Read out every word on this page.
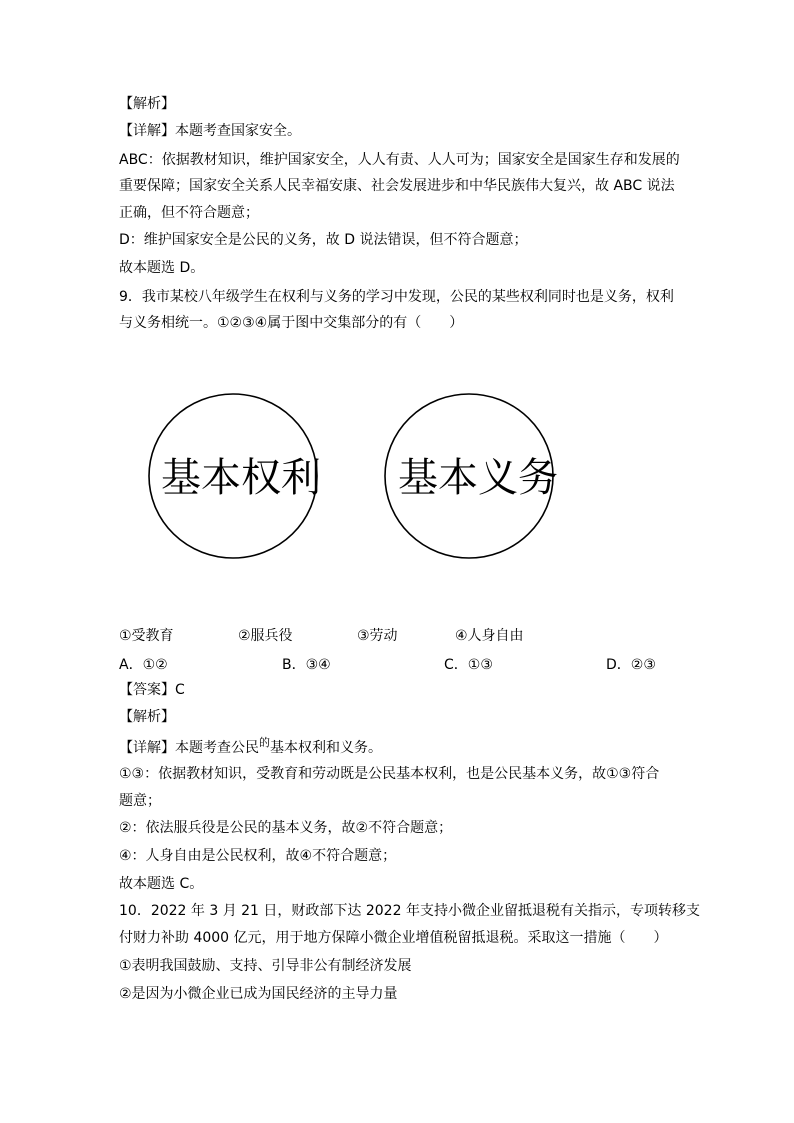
【解析】
【详解】本题考查国家安全。
ABC：依据教材知识，维护国家安全，人人有责、人人可为；国家安全是国家生存和发展的
重要保障；国家安全关系人民幸福安康、社会发展进步和中华民族伟大复兴，故 ABC 说法
正确，但不符合题意；
D：维护国家安全是公民的义务，故 D 说法错误，但不符合题意；
故本题选 D。
9．我市某校八年级学生在权利与义务的学习中发现，公民的某些权利同时也是义务，权利
与义务相统一。①②③④属于图中交集部分的有（　　）
基本权利 基本义务
①受教育	②服兵役	③劳动	④人身自由
A．①②	B．③④	C．①③	D．②③
【答案】C
【解析】
【详解】本题考查公民$^的$基本权利和义务。
①③：依据教材知识，受教育和劳动既是公民基本权利，也是公民基本义务，故①③符合
题意；
②：依法服兵役是公民的基本义务，故②不符合题意；
④：人身自由是公民权利，故④不符合题意；
故本题选 C。
10．2022 年 3 月 21 日，财政部下达 2022 年支持小微企业留抵退税有关指示，专项转移支
付财力补助 4000 亿元，用于地方保障小微企业增值税留抵退税。采取这一措施（　　）
①表明我国鼓励、支持、引导非公有制经济发展
②是因为小微企业已成为国民经济的主导力量
